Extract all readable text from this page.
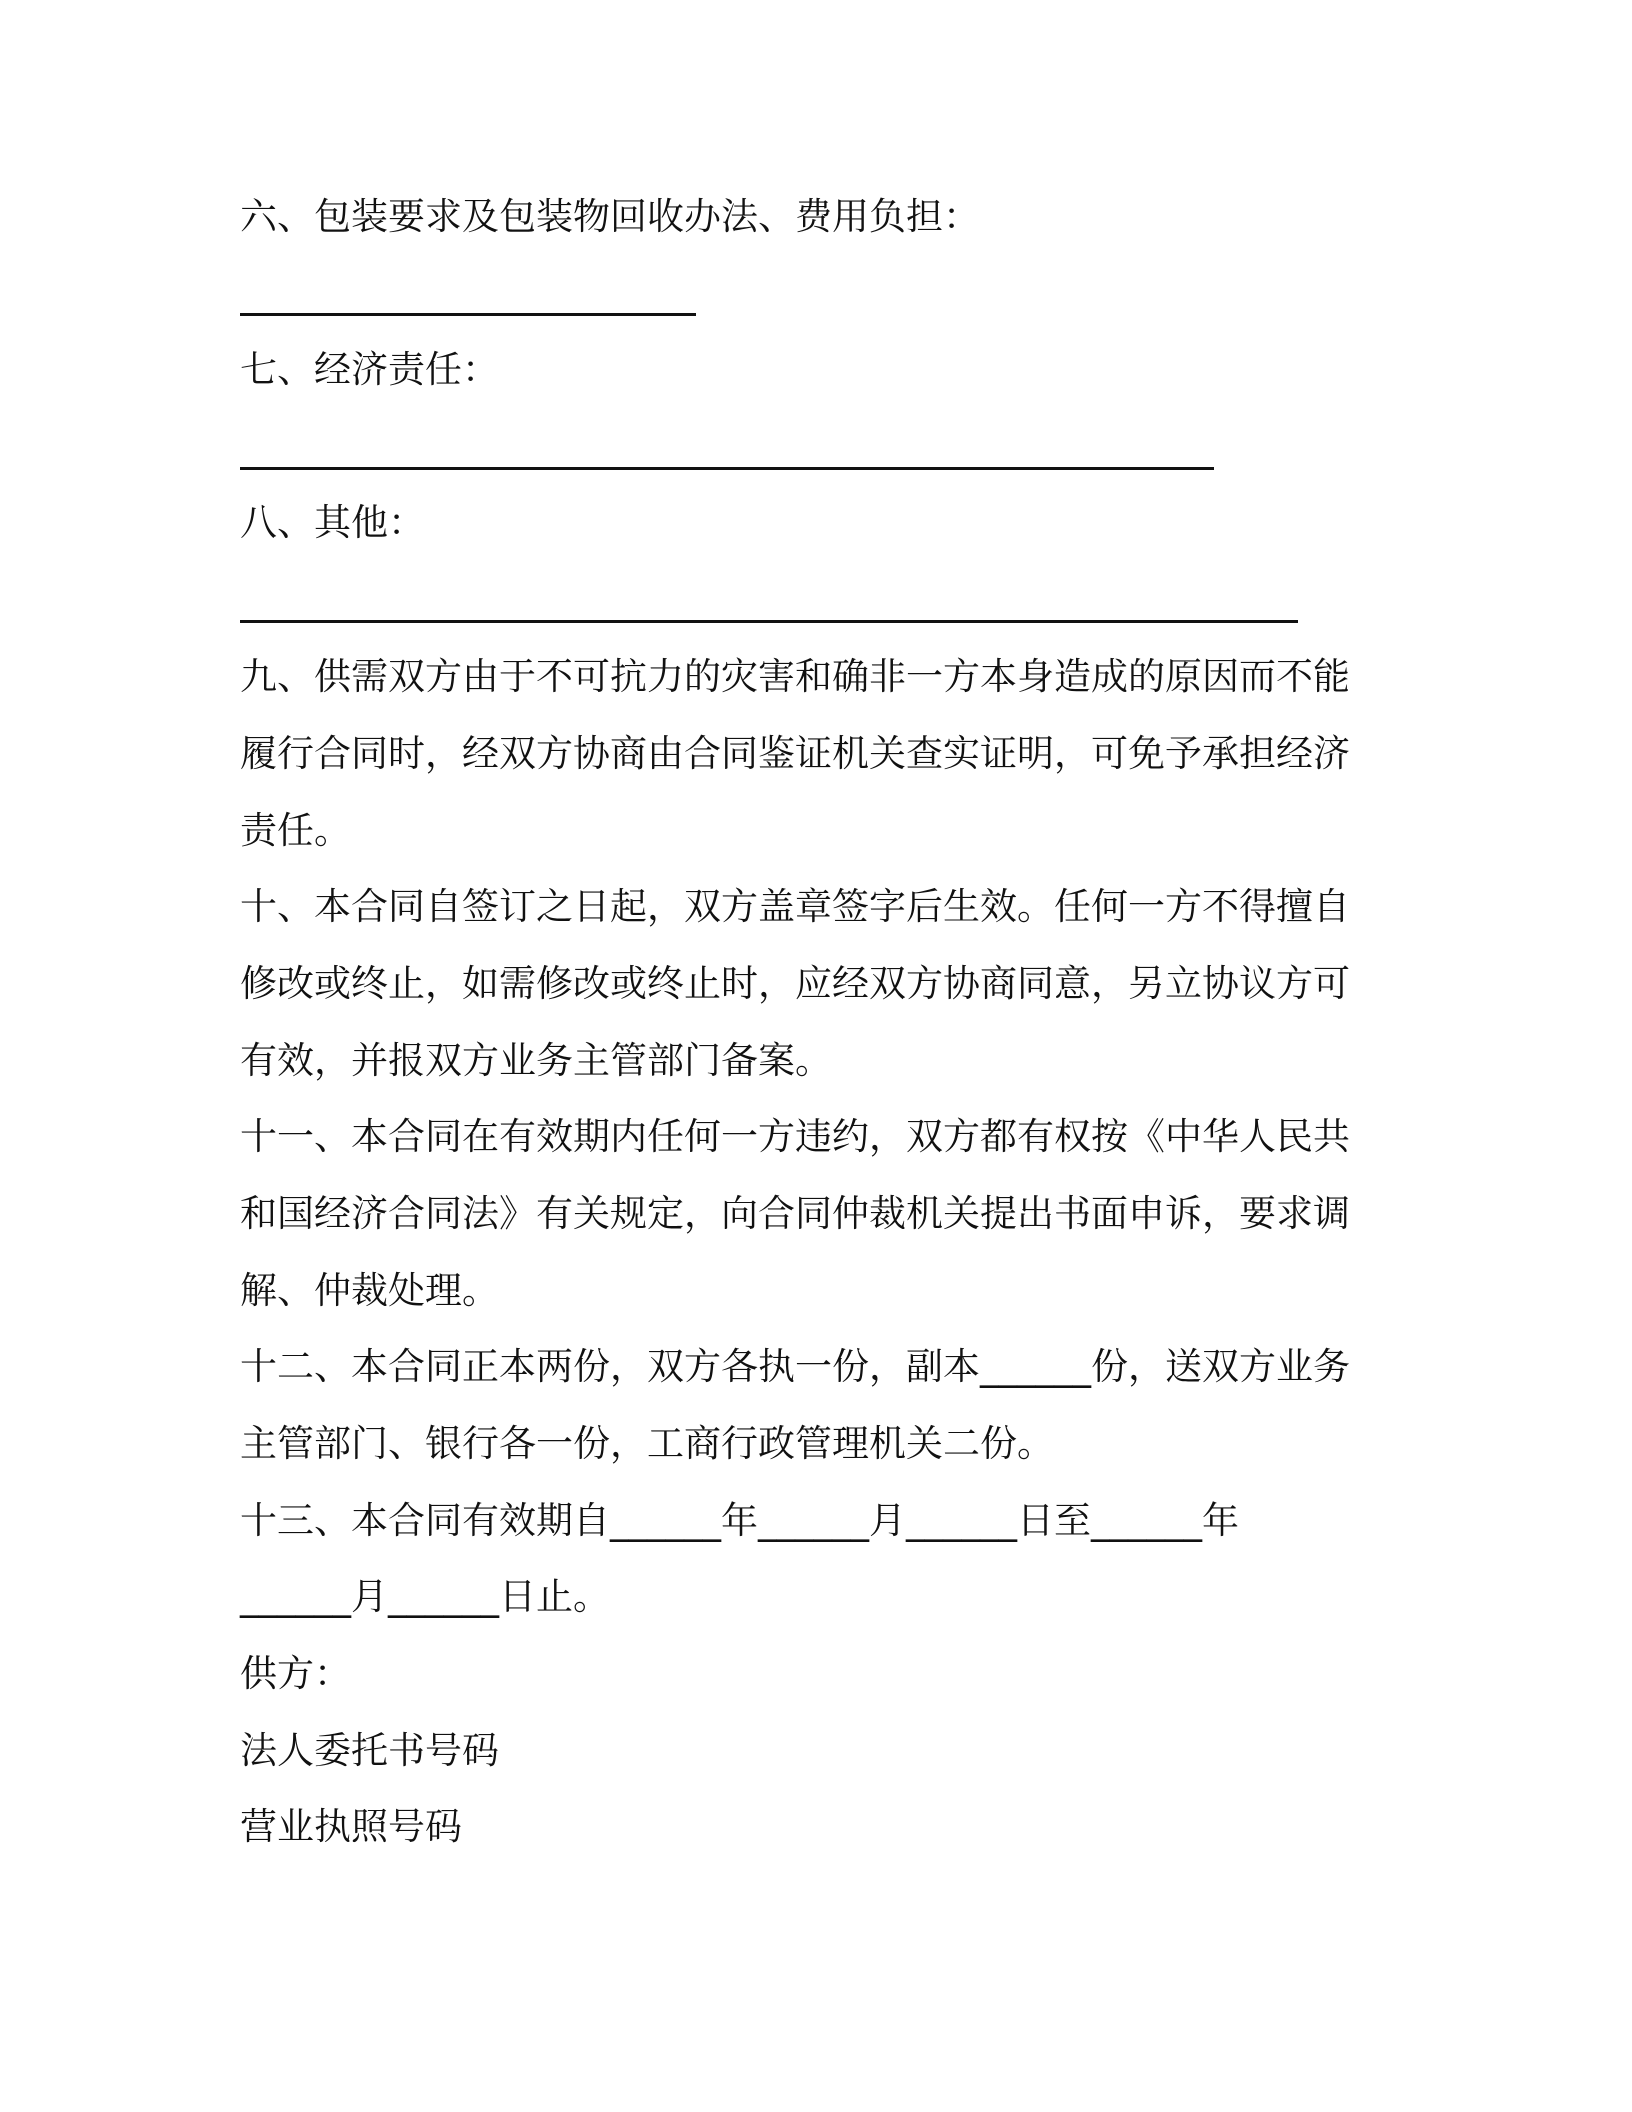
六、包装要求及包装物回收办法、费用负担：
七、经济责任：
八、其他：
九、供需双方由于不可抗力的灾害和确非一方本身造成的原因而不能
履行合同时，经双方协商由合同鉴证机关查实证明，可免予承担经济
责任。
十、本合同自签订之日起，双方盖章签字后生效。任何一方不得擅自
修改或终止，如需修改或终止时，应经双方协商同意，另立协议方可
有效，并报双方业务主管部门备案。
十一、本合同在有效期内任何一方违约，双方都有权按《中华人民共
和国经济合同法》有关规定，向合同仲裁机关提出书面申诉，要求调
解、仲裁处理。
十二、本合同正本两份，双方各执一份，副本______份，送双方业务
主管部门、银行各一份，工商行政管理机关二份。
十三、本合同有效期自______年______月______日至______年
______月______日止。
供方：
法人委托书号码
营业执照号码
